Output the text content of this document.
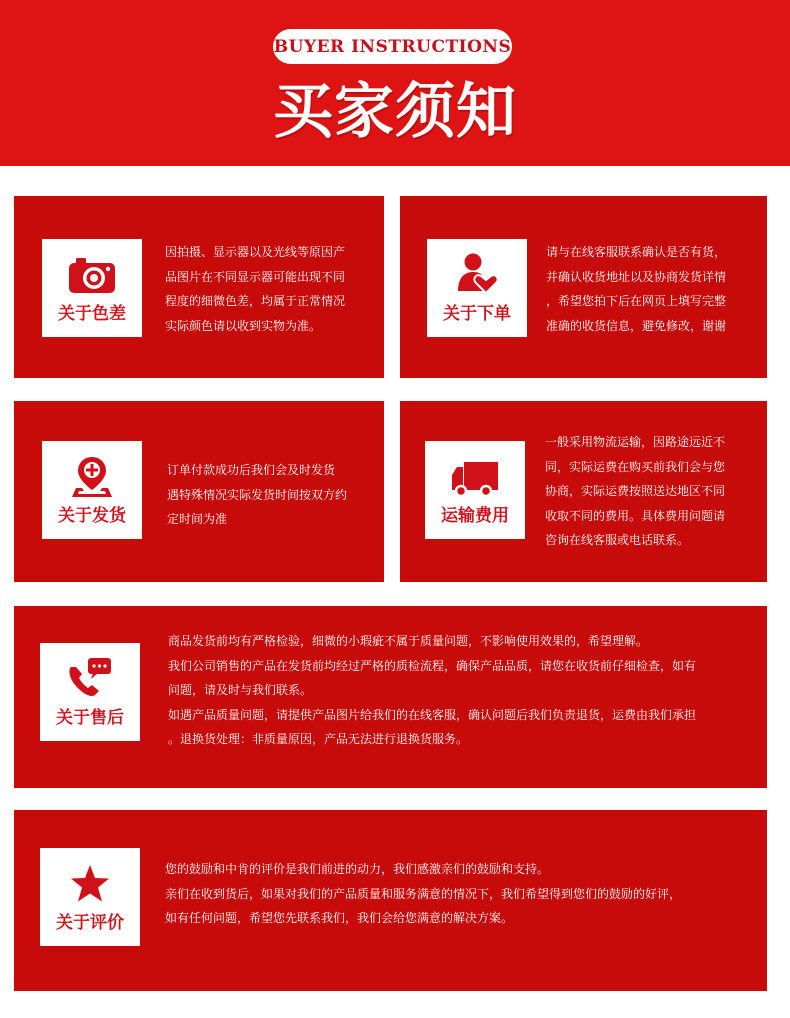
BUYER INSTRUCTIONS
买家须知
关于色差
因拍摄、显示器以及光线等原因产
品图片在不同显示器可能出现不同
程度的细微色差，均属于正常情况
实际颜色请以收到实物为准。
关于下单
请与在线客服联系确认是否有货，
并确认收货地址以及协商发货详情
，希望您拍下后在网页上填写完整
准确的收货信息，避免修改，谢谢
关于发货
订单付款成功后我们会及时发货
遇特殊情况实际发货时间按双方约
定时间为准	运输费用
一般采用物流运输，因路途远近不
同，实际运费在购买前我们会与您
协商，实际运费按照送达地区不同
收取不同的费用。具体费用问题请
咨询在线客服或电话联系。
关于售后
商品发货前均有严格检验，细微的小瑕疵不属于质量问题，不影响使用效果的，希望理解。
我们公司销售的产品在发货前均经过严格的质检流程，确保产品品质，请您在收货前仔细检查，如有
问题，请及时与我们联系。
如遇产品质量问题，请提供产品图片给我们的在线客服，确认问题后我们负责退货，运费由我们承担
。退换货处理：非质量原因，产品无法进行退换货服务。
关于评价
您的鼓励和中肯的评价是我们前进的动力，我们感激亲们的鼓励和支持。
亲们在收到货后，如果对我们的产品质量和服务满意的情况下，我们希望得到您们的鼓励的好评，
如有任何问题，希望您先联系我们，我们会给您满意的解决方案。
